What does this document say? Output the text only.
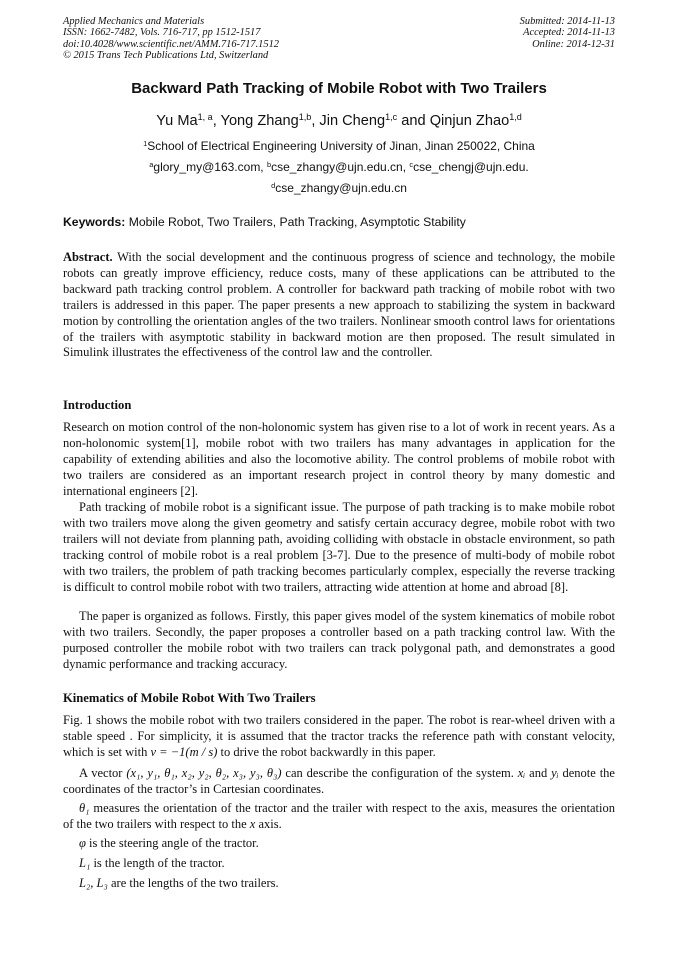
Applied Mechanics and Materials
ISSN: 1662-7482, Vols. 716-717, pp 1512-1517
doi:10.4028/www.scientific.net/AMM.716-717.1512
© 2015 Trans Tech Publications Ltd, Switzerland
Submitted: 2014-11-13
Accepted: 2014-11-13
Online: 2014-12-31
Backward Path Tracking of Mobile Robot with Two Trailers
Yu Ma$^{1, a}$, Yong Zhang$^{1,b}$, Jin Cheng$^{1,c}$ and Qinjun Zhao$^{1,d}$
$^1$School of Electrical Engineering University of Jinan, Jinan 250022, China
$^a$glory_my@163.com, $^b$cse_zhangy@ujn.edu.cn, $^c$cse_chengj@ujn.edu.
$^d$cse_zhangy@ujn.edu.cn
Keywords: Mobile Robot, Two Trailers, Path Tracking, Asymptotic Stability

Abstract. With the social development and the continuous progress of science and technology, the mobile robots can greatly improve efficiency, reduce costs, many of these applications can be attributed to the backward path tracking control problem. A controller for backward path tracking of mobile robot with two trailers is addressed in this paper. The paper presents a new approach to stabilizing the system in backward motion by controlling the orientation angles of the two trailers. Nonlinear smooth control laws for orientations of the trailers with asymptotic stability in backward motion are then proposed. The result simulated in Simulink illustrates the effectiveness of the control law and the controller.

Introduction

Research on motion control of the non-holonomic system has given rise to a lot of work in recent years. As a non-holonomic system[1], mobile robot with two trailers has many advantages in application for the capability of extending abilities and also the locomotive ability. The control problems of mobile robot with two trailers are considered as an important research project in control theory by many domestic and international engineers [2].

Path tracking of mobile robot is a significant issue. The purpose of path tracking is to make mobile robot with two trailers move along the given geometry and satisfy certain accuracy degree, mobile robot with two trailers will not deviate from planning path, avoiding colliding with obstacle in obstacle environment, so path tracking control of mobile robot is a real problem [3-7]. Due to the presence of multi-body of mobile robot with two trailers, the problem of path tracking becomes particularly complex, especially the reverse tracking is difficult to control mobile robot with two trailers, attracting wide attention at home and abroad [8].

The paper is organized as follows. Firstly, this paper gives model of the system kinematics of mobile robot with two trailers. Secondly, the paper proposes a controller based on a path tracking control law. With the purposed controller the mobile robot with two trailers can track polygonal path, and demonstrates a good dynamic performance and tracking accuracy.

Kinematics of Mobile Robot With Two Trailers

Fig. 1 shows the mobile robot with two trailers considered in the paper. The robot is rear-wheel driven with a stable speed . For simplicity, it is assumed that the tractor tracks the reference path with constant velocity, which is set with v = −1(m / s) to drive the robot backwardly in this paper.

A vector (x₁, y₁, θ₁, x₂, y₂, θ₂, x₃, y₃, θ₃) can describe the configuration of the system. xᵢ and yᵢ denote the coordinates of the tractor’s in Cartesian coordinates.

θ₁ measures the orientation of the tractor and the trailer with respect to the axis, measures the orientation of the two trailers with respect to the x axis.

φ is the steering angle of the tractor.

L₁ is the length of the tractor.

L₂, L₃ are the lengths of the two trailers.
